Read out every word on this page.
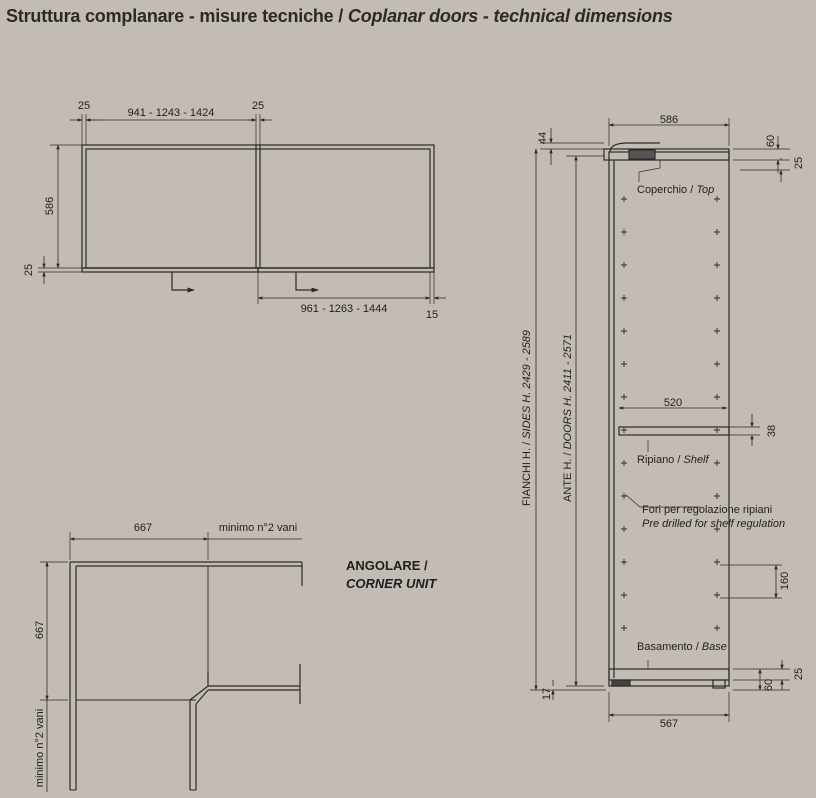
Struttura complanare - misure tecniche / Coplanar doors - technical dimensions
25
941 - 1243 - 1424
25
586
25
961 - 1263 - 1444	15
586
44	60
25
Coperchio / Top
FIANCHI H. / SIDES H. 2429 - 2589
ANTE H. / DOORS H. 2411 - 2571	520
38
Ripiano / Shelf
Fori per regolazione ripiani
Pre drilled for shelf regulation
160
Basamento / Base
25
60
17
567
667	minimo n°2 vani
667
minimo n°2 vani
ANGOLARE /
CORNER UNIT
